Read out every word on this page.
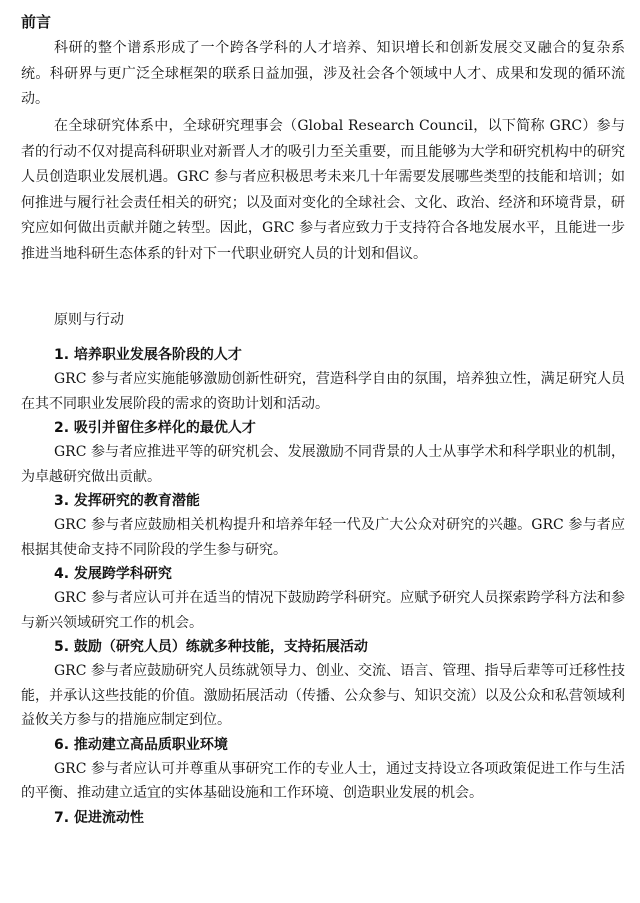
前言

科研的整个谱系形成了一个跨各学科的人才培养、知识增长和创新发展交叉融合的复杂系统。科研界与更广泛全球框架的联系日益加强，涉及社会各个领域中人才、成果和发现的循环流动。

在全球研究体系中，全球研究理事会（Global Research Council，以下简称 GRC）参与者的行动不仅对提高科研职业对新晋人才的吸引力至关重要，而且能够为大学和研究机构中的研究人员创造职业发展机遇。GRC 参与者应积极思考未来几十年需要发展哪些类型的技能和培训；如何推进与履行社会责任相关的研究；以及面对变化的全球社会、文化、政治、经济和环境背景，研究应如何做出贡献并随之转型。因此，GRC 参与者应致力于支持符合各地发展水平，且能进一步推进当地科研生态体系的针对下一代职业研究人员的计划和倡议。

原则与行动
1. 培养职业发展各阶段的人才

GRC 参与者应实施能够激励创新性研究，营造科学自由的氛围，培养独立性，满足研究人员在其不同职业发展阶段的需求的资助计划和活动。

2. 吸引并留住多样化的最优人才

GRC 参与者应推进平等的研究机会、发展激励不同背景的人士从事学术和科学职业的机制，为卓越研究做出贡献。

3. 发挥研究的教育潜能

GRC 参与者应鼓励相关机构提升和培养年轻一代及广大公众对研究的兴趣。GRC 参与者应根据其使命支持不同阶段的学生参与研究。

4. 发展跨学科研究

GRC 参与者应认可并在适当的情况下鼓励跨学科研究。应赋予研究人员探索跨学科方法和参与新兴领域研究工作的机会。

5. 鼓励（研究人员）练就多种技能，支持拓展活动

GRC 参与者应鼓励研究人员练就领导力、创业、交流、语言、管理、指导后辈等可迁移性技能，并承认这些技能的价值。激励拓展活动（传播、公众参与、知识交流）以及公众和私营领域利益攸关方参与的措施应制定到位。

6. 推动建立高品质职业环境

GRC 参与者应认可并尊重从事研究工作的专业人士，通过支持设立各项政策促进工作与生活的平衡、推动建立适宜的实体基础设施和工作环境、创造职业发展的机会。

7. 促进流动性
